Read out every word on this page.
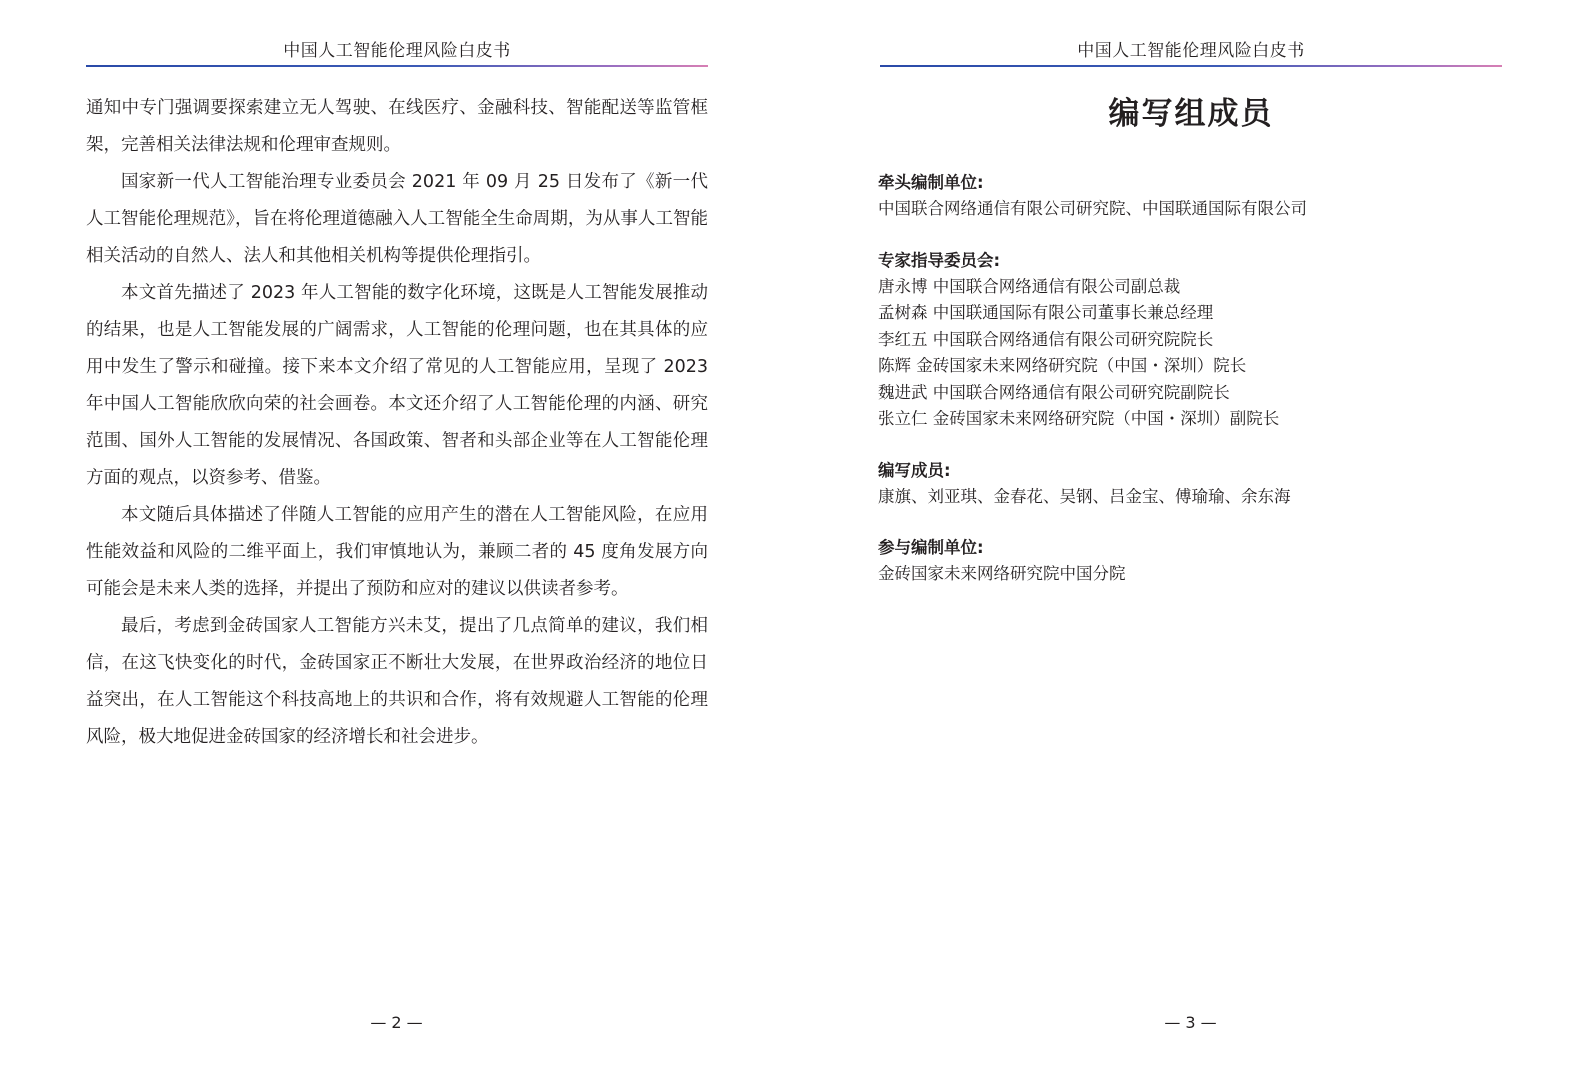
中国人工智能伦理风险白皮书

通知中专门强调要探索建立无人驾驶、在线医疗、金融科技、智能配送等监管框架，完善相关法律法规和伦理审查规则。

国家新一代人工智能治理专业委员会 2021 年 09 月 25 日发布了《新一代人工智能伦理规范》，旨在将伦理道德融入人工智能全生命周期，为从事人工智能相关活动的自然人、法人和其他相关机构等提供伦理指引。

本文首先描述了 2023 年人工智能的数字化环境，这既是人工智能发展推动的结果，也是人工智能发展的广阔需求，人工智能的伦理问题，也在其具体的应用中发生了警示和碰撞。接下来本文介绍了常见的人工智能应用，呈现了 2023 年中国人工智能欣欣向荣的社会画卷。本文还介绍了人工智能伦理的内涵、研究范围、国外人工智能的发展情况、各国政策、智者和头部企业等在人工智能伦理方面的观点，以资参考、借鉴。

本文随后具体描述了伴随人工智能的应用产生的潜在人工智能风险，在应用性能效益和风险的二维平面上，我们审慎地认为，兼顾二者的 45 度角发展方向可能会是未来人类的选择，并提出了预防和应对的建议以供读者参考。

最后，考虑到金砖国家人工智能方兴未艾，提出了几点简单的建议，我们相信，在这飞快变化的时代，金砖国家正不断壮大发展，在世界政治经济的地位日益突出，在人工智能这个科技高地上的共识和合作，将有效规避人工智能的伦理风险，极大地促进金砖国家的经济增长和社会进步。

— 2 —
中国人工智能伦理风险白皮书
编写组成员

牵头编制单位:

中国联合网络通信有限公司研究院、中国联通国际有限公司

专家指导委员会:

唐永博 中国联合网络通信有限公司副总裁

孟树森 中国联通国际有限公司董事长兼总经理

李红五 中国联合网络通信有限公司研究院院长

陈辉 金砖国家未来网络研究院（中国・深圳）院长

魏进武 中国联合网络通信有限公司研究院副院长

张立仁 金砖国家未来网络研究院（中国・深圳）副院长

编写成员:

康旗、刘亚琪、金春花、吴钢、吕金宝、傅瑜瑜、余东海

参与编制单位:

金砖国家未来网络研究院中国分院

— 3 —
